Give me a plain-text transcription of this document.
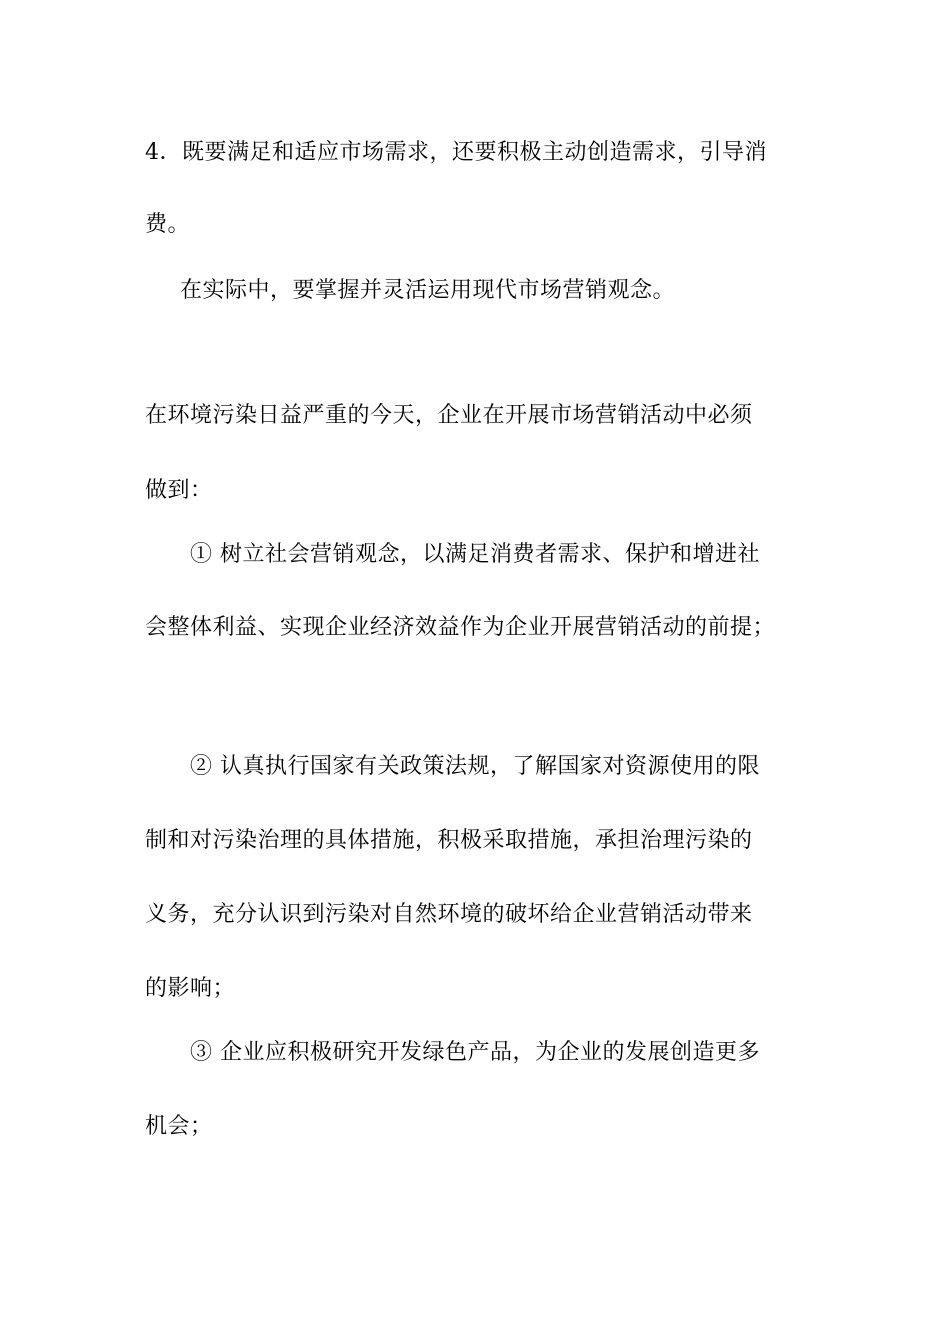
4．既要满足和适应市场需求，还要积极主动创造需求，引导消
费。
在实际中，要掌握并灵活运用现代市场营销观念。
在环境污染日益严重的今天，企业在开展市场营销活动中必须
做到：
① 树立社会营销观念，以满足消费者需求、保护和增进社
会整体利益、实现企业经济效益作为企业开展营销活动的前提；
② 认真执行国家有关政策法规，了解国家对资源使用的限
制和对污染治理的具体措施，积极采取措施，承担治理污染的
义务，充分认识到污染对自然环境的破坏给企业营销活动带来
的影响；
③ 企业应积极研究开发绿色产品，为企业的发展创造更多
机会；
